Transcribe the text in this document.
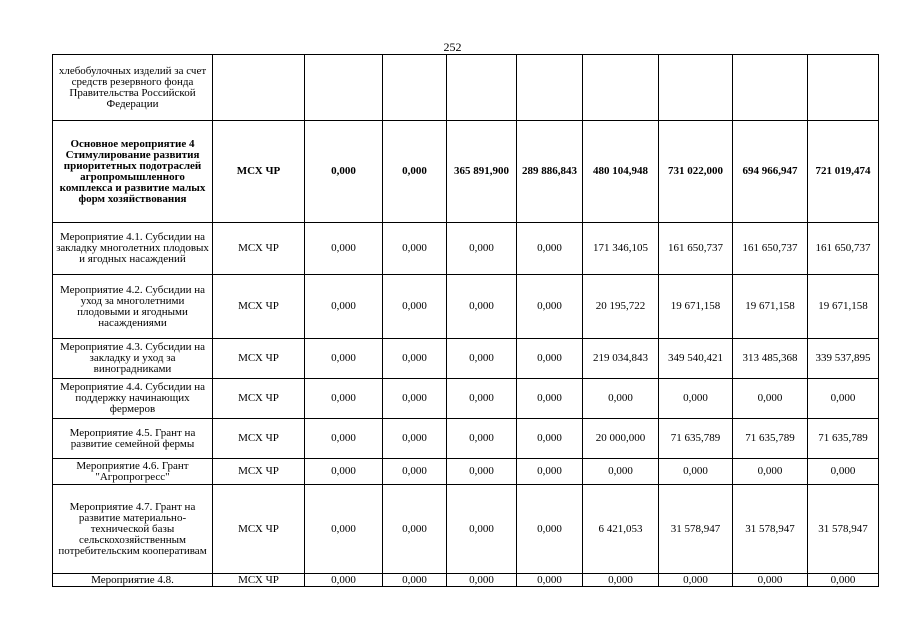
252
хлебобулочных изделий за счет средств резервного фонда Правительства Российской Федерации									
Основное мероприятие 4 Стимулирование развития приоритетных подотраслей агропромышленного комплекса и развитие малых форм хозяйствования	МСХ ЧР	0,000	0,000	365 891,900	289 886,843	480 104,948	731 022,000	694 966,947	721 019,474
Мероприятие 4.1. Субсидии на закладку многолетних плодовых и ягодных насаждений	МСХ ЧР	0,000	0,000	0,000	0,000	171 346,105	161 650,737	161 650,737	161 650,737
Мероприятие 4.2. Субсидии на уход за многолетними плодовыми и ягодными насаждениями	МСХ ЧР	0,000	0,000	0,000	0,000	20 195,722	19 671,158	19 671,158	19 671,158
Мероприятие 4.3. Субсидии на закладку и уход за виноградниками	МСХ ЧР	0,000	0,000	0,000	0,000	219 034,843	349 540,421	313 485,368	339 537,895
Мероприятие 4.4. Субсидии на поддержку начинающих фермеров	МСХ ЧР	0,000	0,000	0,000	0,000	0,000	0,000	0,000	0,000
Мероприятие 4.5. Грант на развитие семейной фермы	МСХ ЧР	0,000	0,000	0,000	0,000	20 000,000	71 635,789	71 635,789	71 635,789
Мероприятие 4.6. Грант "Агропрогресс"	МСХ ЧР	0,000	0,000	0,000	0,000	0,000	0,000	0,000	0,000
Мероприятие 4.7. Грант на развитие материально-технической базы сельскохозяйственным потребительским кооперативам	МСХ ЧР	0,000	0,000	0,000	0,000	6 421,053	31 578,947	31 578,947	31 578,947
Мероприятие 4.8.	МСХ ЧР	0,000	0,000	0,000	0,000	0,000	0,000	0,000	0,000
